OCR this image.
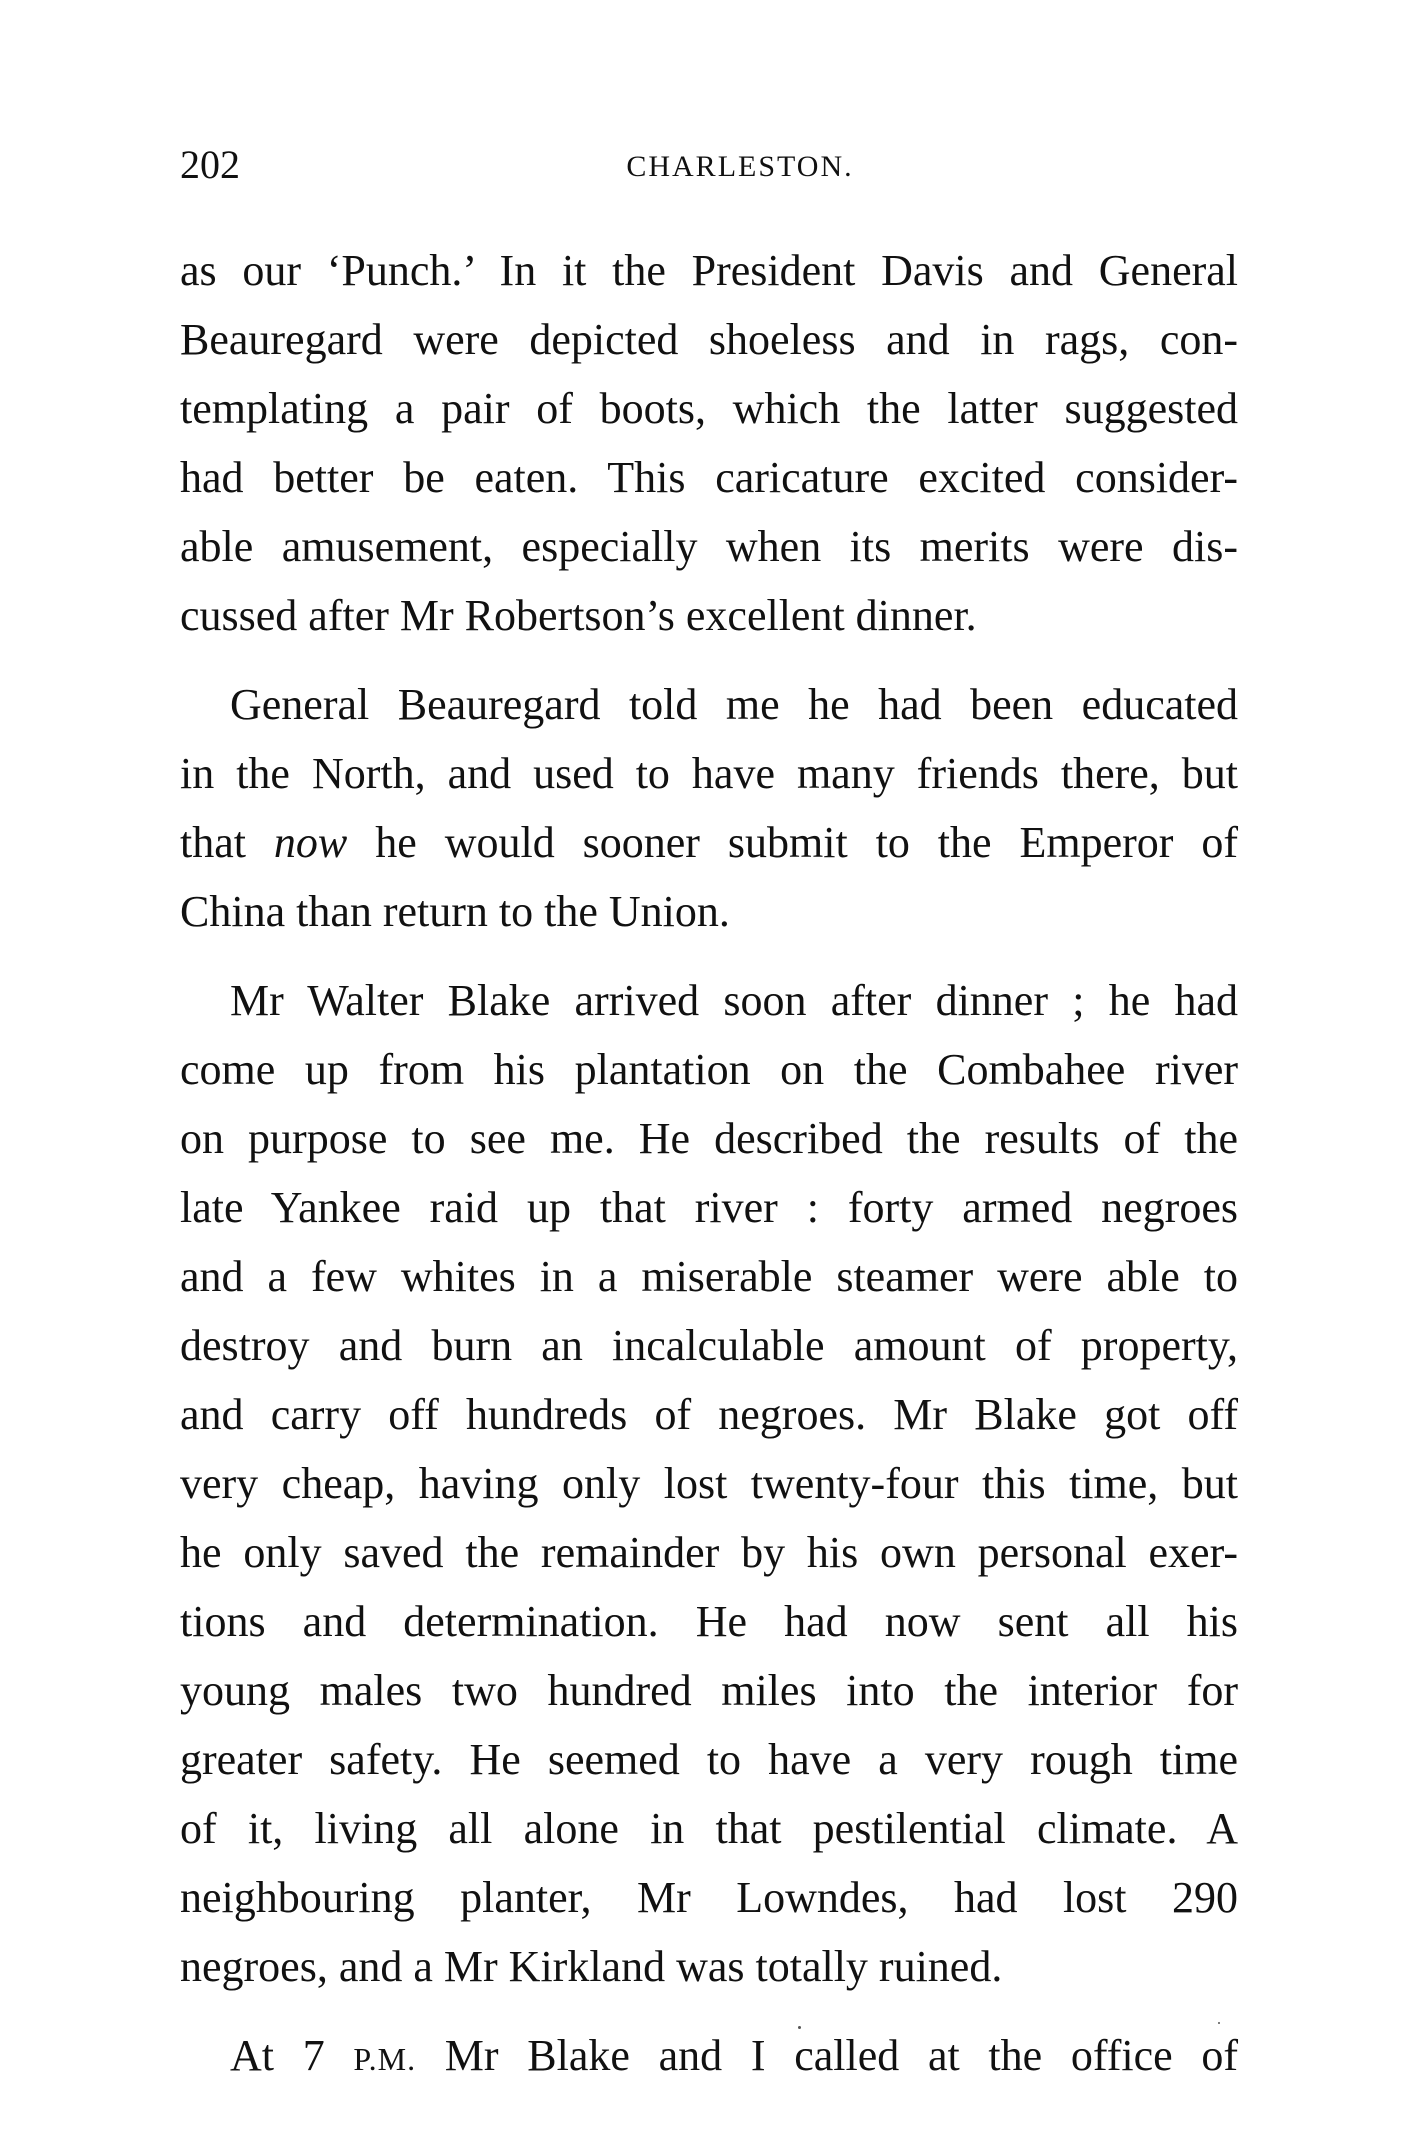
202	CHARLESTON.

as our ‘Punch.’ In it the President Davis and General
Beauregard were depicted shoeless and in rags, con-
templating a pair of boots, which the latter suggested
had better be eaten. This caricature excited consider-
able amusement, especially when its merits were dis-
cussed after Mr Robertson’s excellent dinner.

General Beauregard told me he had been educated
in the North, and used to have many friends there, but
that now he would sooner submit to the Emperor of
China than return to the Union.

Mr Walter Blake arrived soon after dinner ; he had
come up from his plantation on the Combahee river
on purpose to see me. He described the results of the
late Yankee raid up that river : forty armed negroes
and a few whites in a miserable steamer were able to
destroy and burn an incalculable amount of property,
and carry off hundreds of negroes. Mr Blake got off
very cheap, having only lost twenty-four this time, but
he only saved the remainder by his own personal exer-
tions and determination. He had now sent all his
young males two hundred miles into the interior for
greater safety. He seemed to have a very rough time
of it, living all alone in that pestilential climate. A
neighbouring planter, Mr Lowndes, had lost 290
negroes, and a Mr Kirkland was totally ruined.

At 7 P.M. Mr Blake and I called at the office of
